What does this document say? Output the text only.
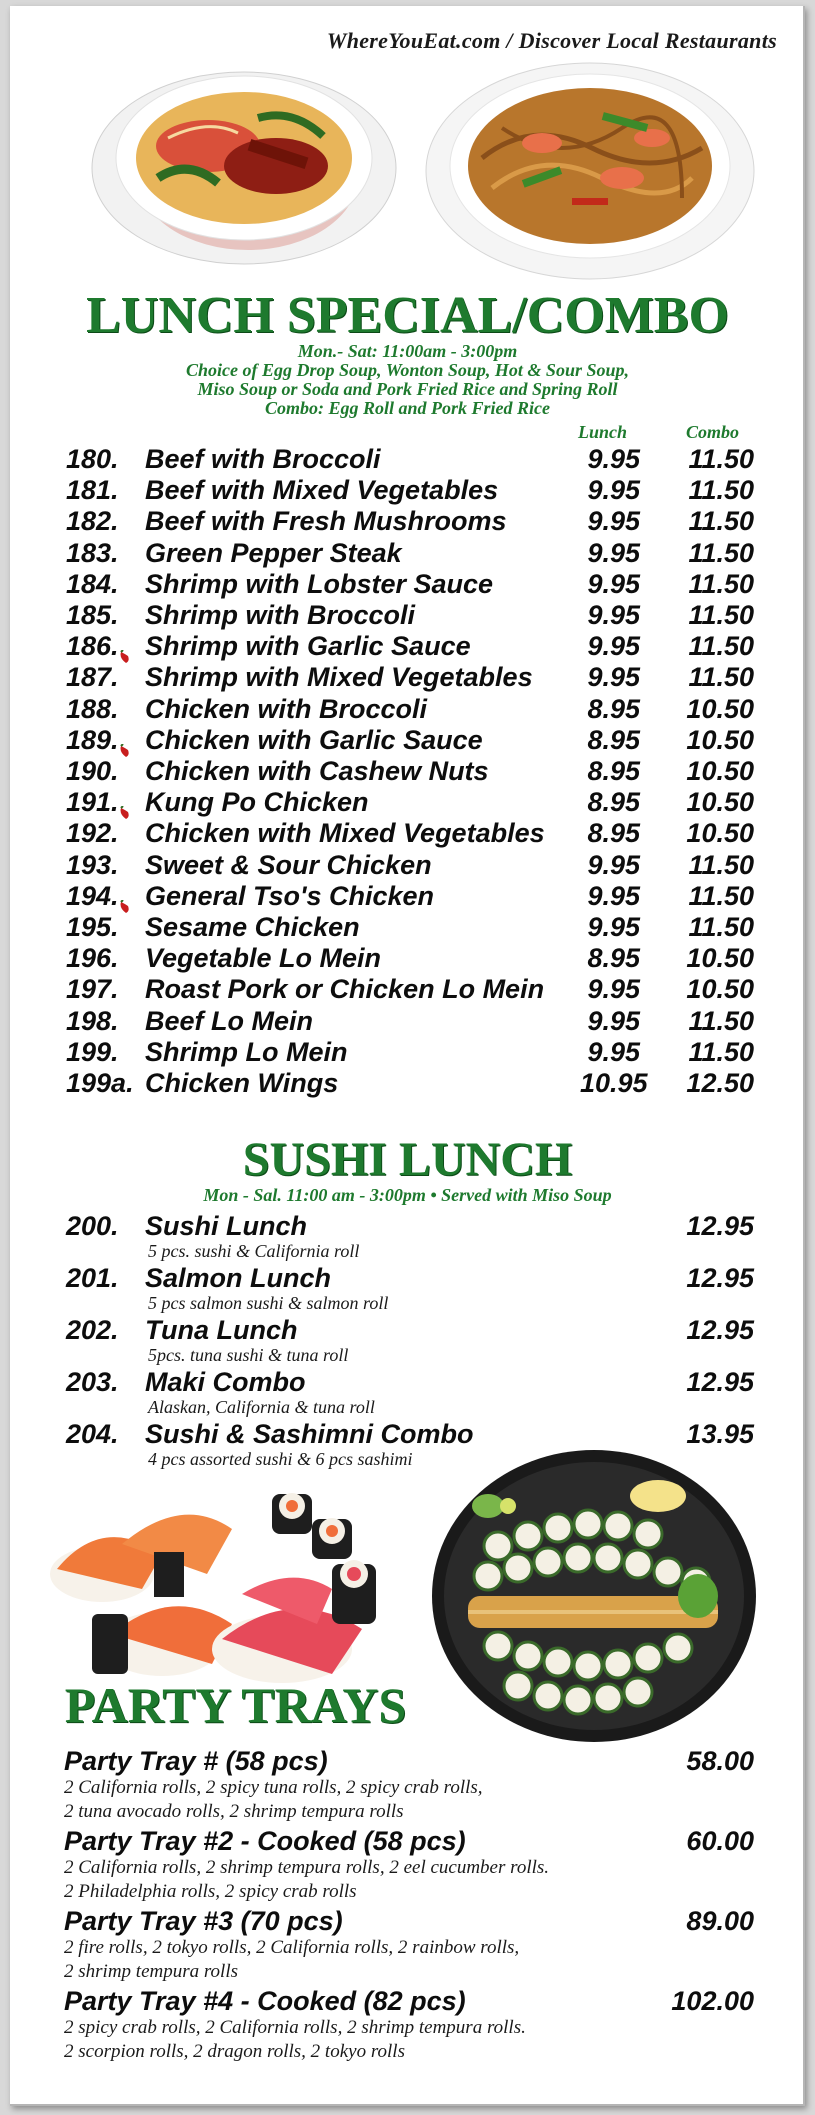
WhereYouEat.com / Discover Local Restaurants
LUNCH SPECIAL/COMBO
Mon.- Sat: 11:00am - 3:00pm
Choice of Egg Drop Soup, Wonton Soup, Hot & Sour Soup,
Miso Soup or Soda and Pork Fried Rice and Spring Roll
Combo: Egg Roll and Pork Fried Rice
Lunch	Combo
180. Beef with Broccoli	9.95	11.50
181. Beef with Mixed Vegetables	9.95	11.50
182. Beef with Fresh Mushrooms	9.95	11.50
183. Green Pepper Steak	9.95	11.50
184. Shrimp with Lobster Sauce	9.95	11.50
185. Shrimp with Broccoli	9.95	11.50
186. Shrimp with Garlic Sauce	9.95	11.50
187. Shrimp with Mixed Vegetables 9.95	11.50
188. Chicken with Broccoli	8.95	10.50
189. Chicken with Garlic Sauce	8.95	10.50
190. Chicken with Cashew Nuts	8.95	10.50
191. Kung Po Chicken	8.95	10.50
192. Chicken with Mixed Vegetables 8.95	10.50
193. Sweet & Sour Chicken	9.95	11.50
194. General Tso's Chicken	9.95	11.50
195. Sesame Chicken	9.95	11.50
196. Vegetable Lo Mein	8.95	10.50
197. Roast Pork or Chicken Lo Mein 9.95	10.50
198. Beef Lo Mein	9.95	11.50
199. Shrimp Lo Mein	9.95	11.50
199a. Chicken Wings	10.95	12.50
SUSHI LUNCH
Mon - Sal. 11:00 am - 3:00pm • Served with Miso Soup
200. Sushi Lunch
5 pcs. sushi & California roll
12.95
201. Salmon Lunch
5 pcs salmon sushi & salmon roll
12.95
202. Tuna Lunch
5pcs. tuna sushi & tuna roll
12.95
203. Maki Combo
Alaskan, California & tuna roll
12.95
204. Sushi & Sashimni Combo
4 pcs assorted sushi & 6 pcs sashimi
13.95
PARTY TRAYS
Party Tray # (58 pcs)	58.00
2 California rolls, 2 spicy tuna rolls, 2 spicy crab rolls,
2 tuna avocado rolls, 2 shrimp tempura rolls
Party Tray #2 - Cooked (58 pcs)	60.00
2 California rolls, 2 shrimp tempura rolls, 2 eel cucumber rolls.
2 Philadelphia rolls, 2 spicy crab rolls
Party Tray #3 (70 pcs)	89.00
2 fire rolls, 2 tokyo rolls, 2 California rolls, 2 rainbow rolls,
2 shrimp tempura rolls
Party Tray #4 - Cooked (82 pcs)	102.00
2 spicy crab rolls, 2 California rolls, 2 shrimp tempura rolls.
2 scorpion rolls, 2 dragon rolls, 2 tokyo rolls
